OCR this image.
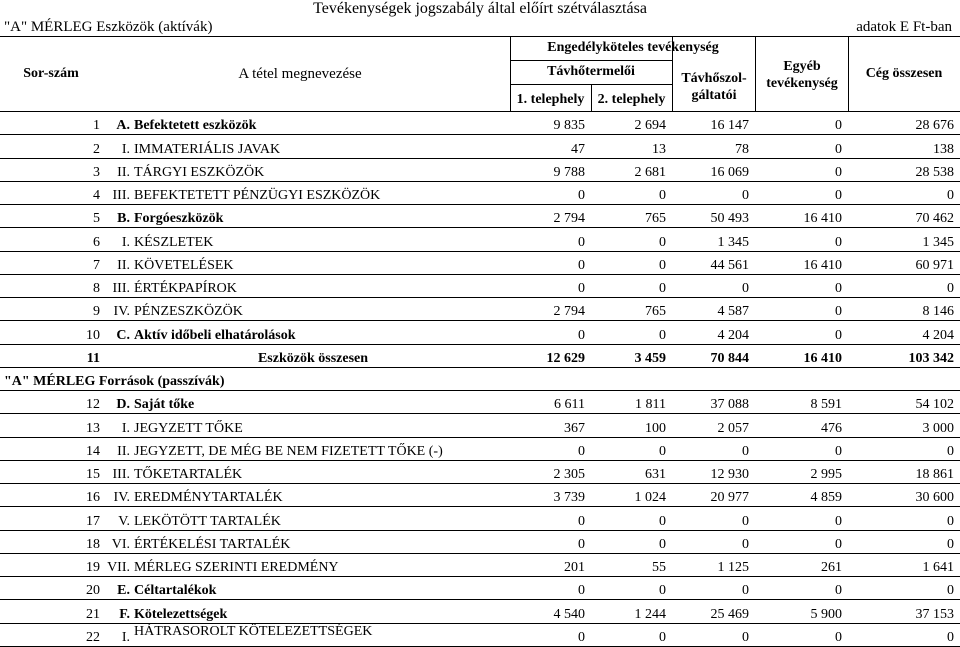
Tevékenységek jogszabály által előírt szétválasztása
"A" MÉRLEG Eszközök (aktívák)	adatok E Ft-ban
Sor-szám	A tétel megnevezése
Engedélyköteles tevékenység
Távhőtermelői
1. telephely 2. telephely
Távhőszol-gáltatói
Egyéb tevékenység
Cég összesen
1	A.	Befektetett eszközök	9 835	2 694	16 147	0	28 676
2	I.	IMMATERIÁLIS JAVAK	47	13	78	0	138
3	II.	TÁRGYI ESZKÖZÖK	9 788	2 681	16 069	0	28 538
4	III.	BEFEKTETETT PÉNZÜGYI ESZKÖZÖK	0	0	0	0	0
5	B.	Forgóeszközök	2 794	765	50 493	16 410	70 462
6	I.	KÉSZLETEK	0	0	1 345	0	1 345
7	II.	KÖVETELÉSEK	0	0	44 561	16 410	60 971
8	III.	ÉRTÉKPAPÍROK	0	0	0	0	0
9	IV.	PÉNZESZKÖZÖK	2 794	765	4 587	0	8 146
10	C.	Aktív időbeli elhatárolások	0	0	4 204	0	4 204
11		Eszközök összesen	12 629	3 459	70 844	16 410	103 342
"A" MÉRLEG Források (passzívák)							
12	D.	Saját tőke	6 611	1 811	37 088	8 591	54 102
13	I.	JEGYZETT TŐKE	367	100	2 057	476	3 000
14	II.	JEGYZETT, DE MÉG BE NEM FIZETETT TŐKE (-)	0	0	0	0	0
15	III.	TŐKETARTALÉK	2 305	631	12 930	2 995	18 861
16	IV.	EREDMÉNYTARTALÉK	3 739	1 024	20 977	4 859	30 600
17	V.	LEKÖTÖTT TARTALÉK	0	0	0	0	0
18	VI.	ÉRTÉKELÉSI TARTALÉK	0	0	0	0	0
19	VII.	MÉRLEG SZERINTI EREDMÉNY	201	55	1 125	261	1 641
20	E.	Céltartalékok	0	0	0	0	0
21	F.	Kötelezettségek	4 540	1 244	25 469	5 900	37 153
22	I.	HÁTRASOROLT KÖTELEZETTSÉGEK	0	0	0	0	0
